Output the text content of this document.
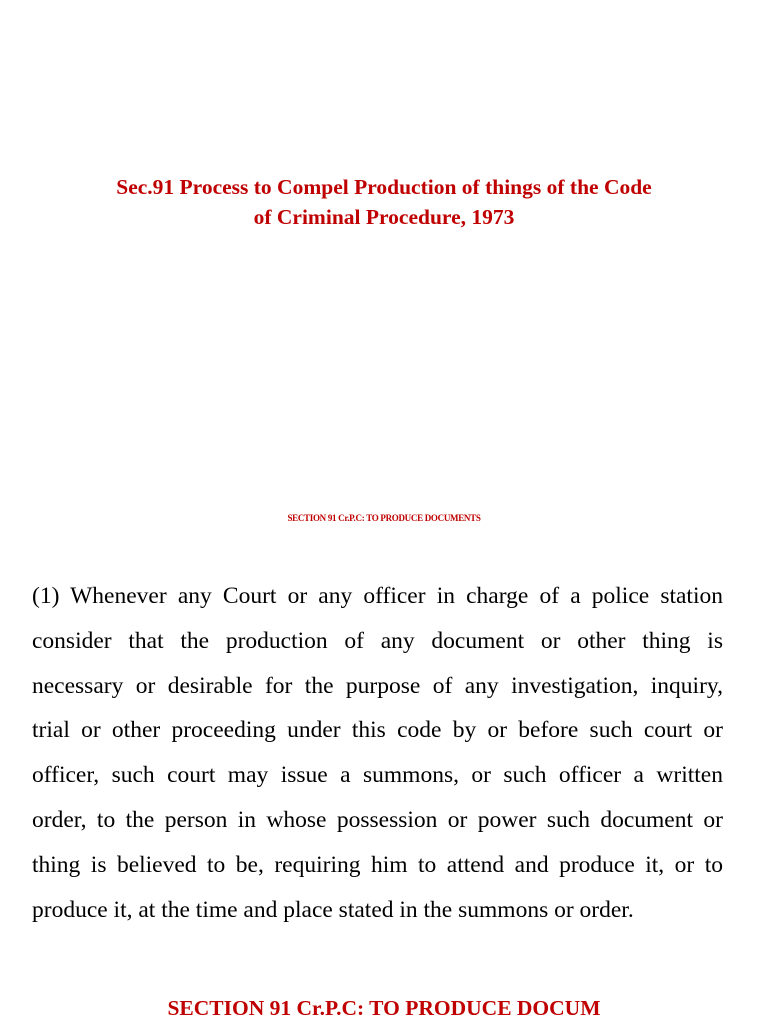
Sec.91 Process to Compel Production of things of the Code
of Criminal Procedure, 1973
SECTION 91 Cr.P.C: TO PRODUCE DOCUMENTS

(1) Whenever any Court or any officer in charge of a police station
consider that the production of any document or other thing is
necessary or desirable for the purpose of any investigation, inquiry,
trial or other proceeding under this code by or before such court or
officer, such court may issue a summons, or such officer a written
order, to the person in whose possession or power such document or
thing is believed to be, requiring him to attend and produce it, or to
produce it, at the time and place stated in the summons or order.

SECTION 91 Cr.P.C: TO PRODUCE DOCUM
